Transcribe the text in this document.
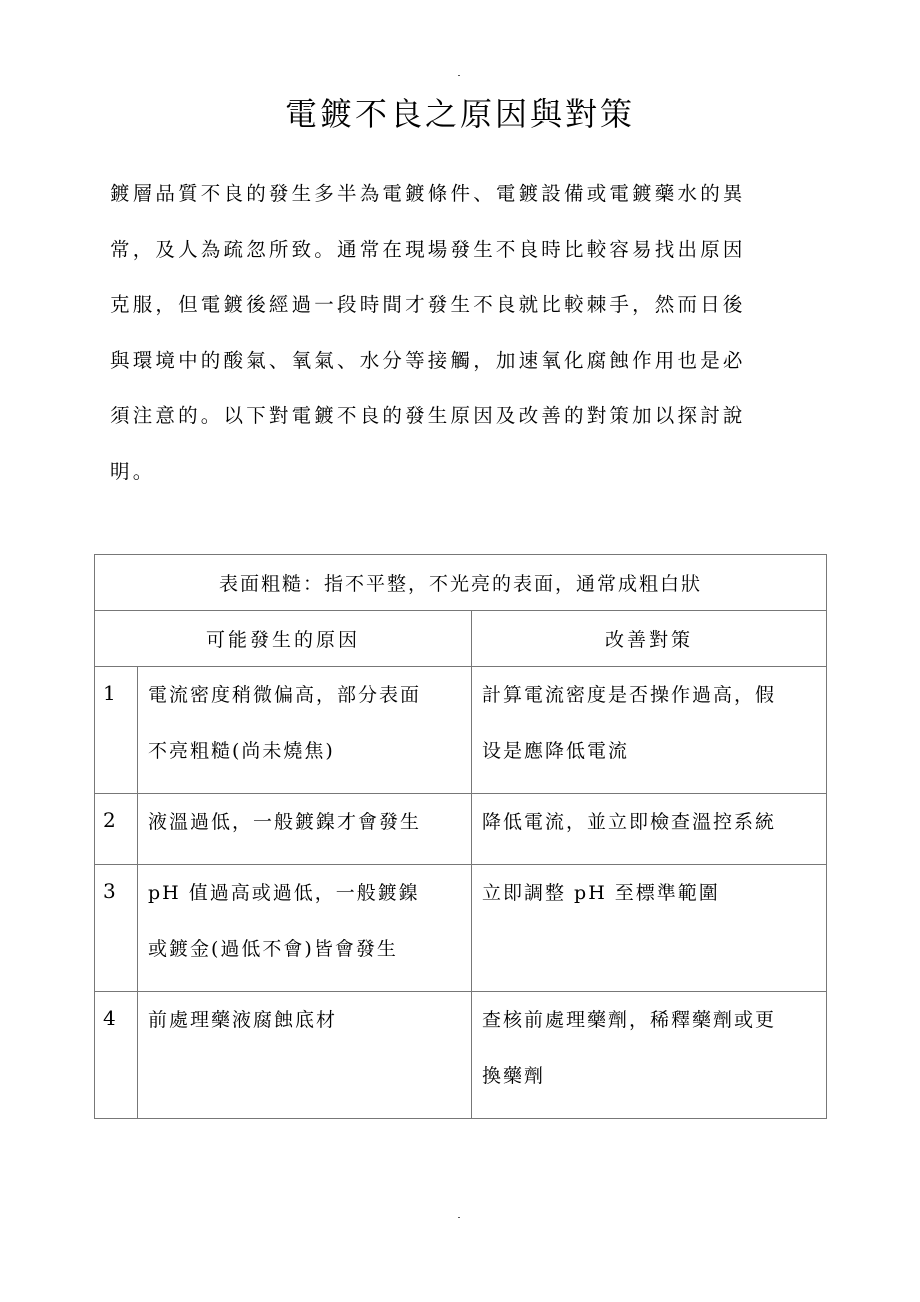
電鍍不良之原因與對策
鍍層品質不良的發生多半為電鍍條件、電鍍設備或電鍍藥水的異
常，及人為疏忽所致。通常在現場發生不良時比較容易找出原因
克服，但電鍍後經過一段時間才發生不良就比較棘手，然而日後
與環境中的酸氣、氧氣、水分等接觸，加速氧化腐蝕作用也是必
須注意的。以下對電鍍不良的發生原因及改善的對策加以探討說
明。
表面粗糙：指不平整，不光亮的表面，通常成粗白狀		
可能發生的原因		改善對策
1	電流密度稍微偏高，部分表面
不亮粗糙(尚未燒焦)	計算電流密度是否操作過高，假
设是應降低電流

2	液溫過低，一般鍍鎳才會發生	降低電流，並立即檢查溫控系統

3	pH 值過高或過低，一般鍍鎳
或鍍金(過低不會)皆會發生	立即調整 pH 至標準範圍

4	前處理藥液腐蝕底材	查核前處理藥劑，稀釋藥劑或更
換藥劑
